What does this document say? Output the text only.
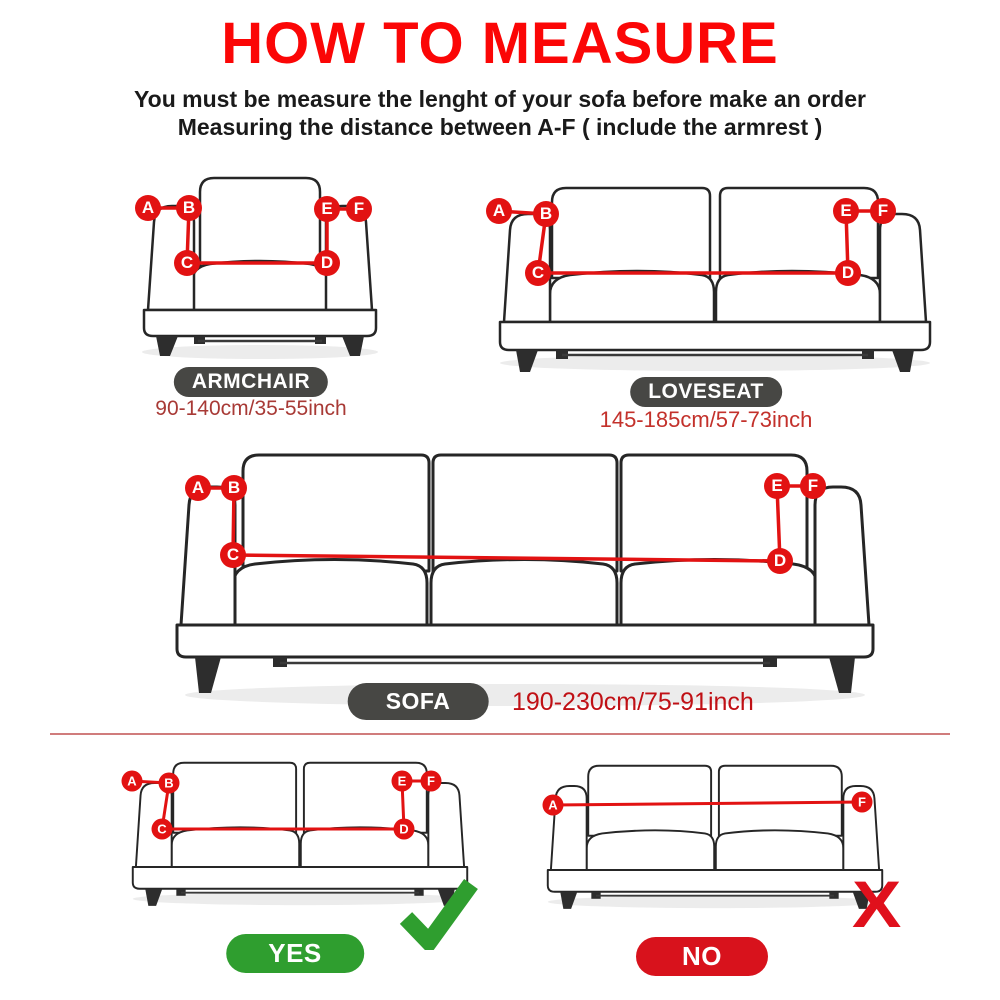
HOW TO MEASURE
You must be measure the lenght of your sofa before make an order
Measuring the distance between A-F ( include the armrest )
A	B
C	D
E	F
ARMCHAIR
90-140cm/35-55inch
A	B
C	D
E	F
LOVESEAT
145-185cm/57-73inch
A	B
C	D
E	F
SOFA	190-230cm/75-91inch
A	B
C	D
E	F
YES
A	F
X
NO
